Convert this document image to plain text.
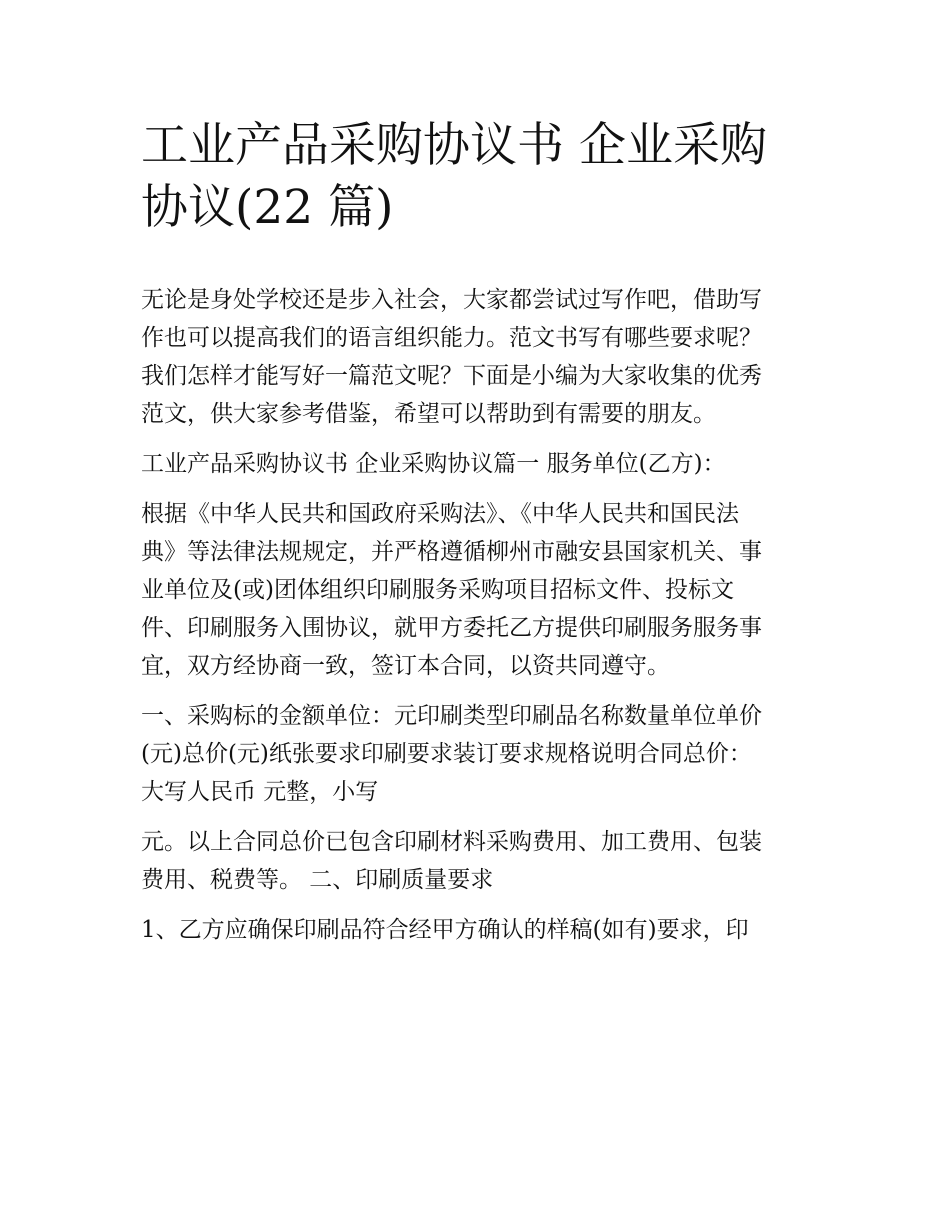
工业产品采购协议书 企业采购
协议(22 篇)
无论是身处学校还是步入社会，大家都尝试过写作吧，借助写
作也可以提高我们的语言组织能力。范文书写有哪些要求呢？
我们怎样才能写好一篇范文呢？下面是小编为大家收集的优秀
范文，供大家参考借鉴，希望可以帮助到有需要的朋友。
工业产品采购协议书 企业采购协议篇一 服务单位(乙方)：
根据《中华人民共和国政府采购法》、《中华人民共和国民法
典》等法律法规规定，并严格遵循柳州市融安县国家机关、事
业单位及(或)团体组织印刷服务采购项目招标文件、投标文
件、印刷服务入围协议，就甲方委托乙方提供印刷服务服务事
宜，双方经协商一致，签订本合同，以资共同遵守。
一、采购标的金额单位：元印刷类型印刷品名称数量单位单价
(元)总价(元)纸张要求印刷要求装订要求规格说明合同总价：
大写人民币 元整，小写
元。以上合同总价已包含印刷材料采购费用、加工费用、包装
费用、税费等。 二、印刷质量要求
1、乙方应确保印刷品符合经甲方确认的样稿(如有)要求，印
